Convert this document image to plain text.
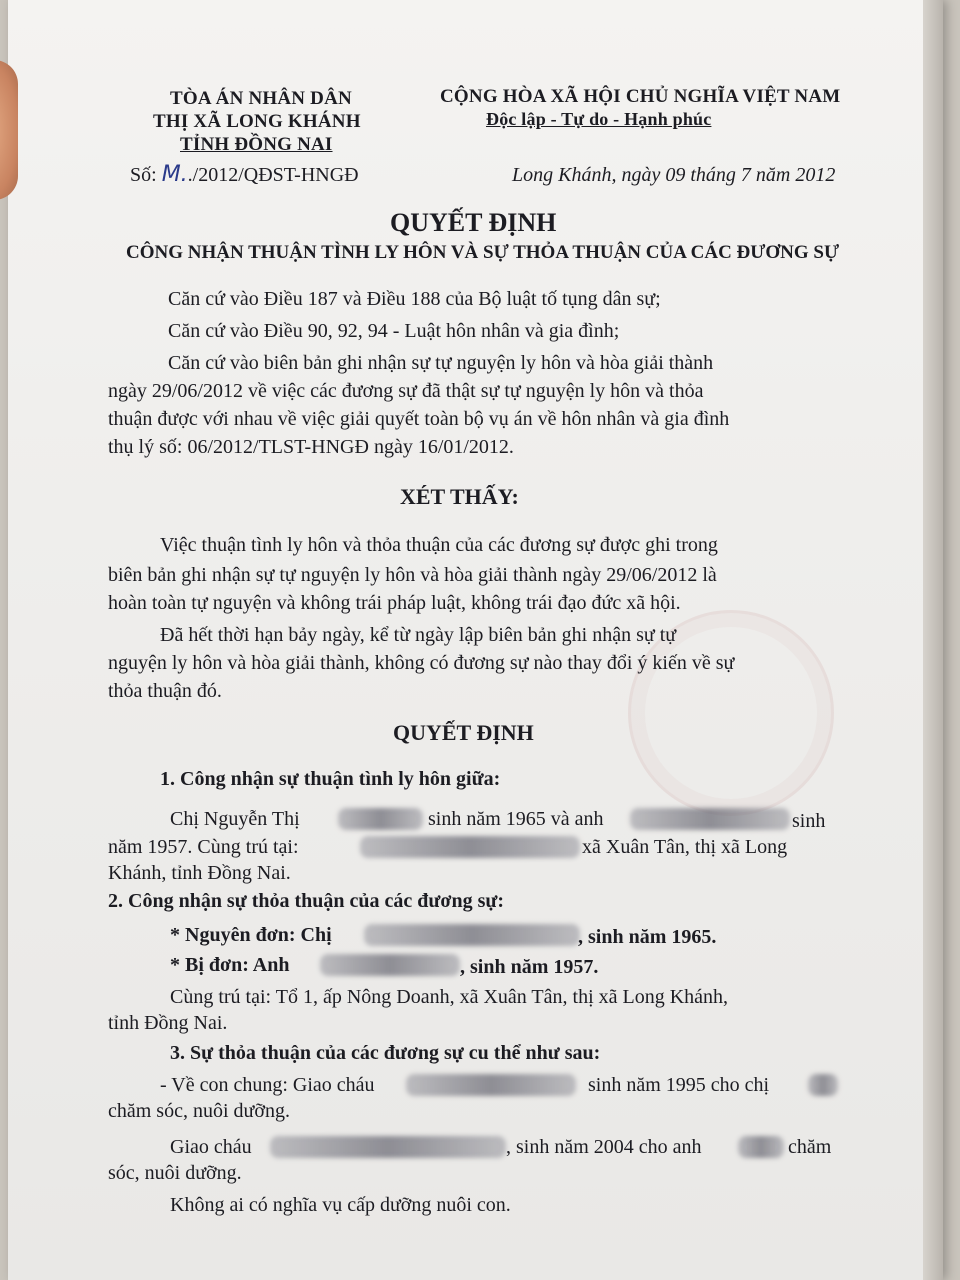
TÒA ÁN NHÂN DÂN
THỊ XÃ LONG KHÁNH
TỈNH ĐỒNG NAI
Số: M../2012/QĐST-HNGĐ
CỘNG HÒA XÃ HỘI CHỦ NGHĨA VIỆT NAM
Độc lập - Tự do - Hạnh phúc
Long Khánh, ngày 09 tháng 7 năm 2012
QUYẾT ĐỊNH
CÔNG NHẬN THUẬN TÌNH LY HÔN VÀ SỰ THỎA THUẬN CỦA CÁC ĐƯƠNG SỰ
Căn cứ vào Điều 187 và Điều 188 của Bộ luật tố tụng dân sự;
Căn cứ vào Điều 90, 92, 94 - Luật hôn nhân và gia đình;
Căn cứ vào biên bản ghi nhận sự tự nguyện ly hôn và hòa giải thành
ngày 29/06/2012 về việc các đương sự đã thật sự tự nguyện ly hôn và thỏa
thuận được với nhau về việc giải quyết toàn bộ vụ án về hôn nhân và gia đình
thụ lý số: 06/2012/TLST-HNGĐ ngày 16/01/2012.
XÉT THẤY:
Việc thuận tình ly hôn và thỏa thuận của các đương sự được ghi trong
biên bản ghi nhận sự tự nguyện ly hôn và hòa giải thành ngày 29/06/2012 là
hoàn toàn tự nguyện và không trái pháp luật, không trái đạo đức xã hội.
Đã hết thời hạn bảy ngày, kể từ ngày lập biên bản ghi nhận sự tự
nguyện ly hôn và hòa giải thành, không có đương sự nào thay đổi ý kiến về sự
thỏa thuận đó.
QUYẾT ĐỊNH
1. Công nhận sự thuận tình ly hôn giữa:
Chị Nguyễn Thị	sinh năm 1965 và anh	sinh
năm 1957. Cùng trú tại:	xã Xuân Tân, thị xã Long
Khánh, tỉnh Đồng Nai.
2. Công nhận sự thỏa thuận của các đương sự:
* Nguyên đơn: Chị	, sinh năm 1965.
* Bị đơn: Anh	, sinh năm 1957.
Cùng trú tại: Tổ 1, ấp Nông Doanh, xã Xuân Tân, thị xã Long Khánh,
tỉnh Đồng Nai.
3. Sự thỏa thuận của các đương sự cu thể như sau:
- Về con chung: Giao cháu	sinh năm 1995 cho chị
chăm sóc, nuôi dưỡng.
Giao cháu	, sinh năm 2004 cho anh	chăm
sóc, nuôi dưỡng.
Không ai có nghĩa vụ cấp dưỡng nuôi con.
